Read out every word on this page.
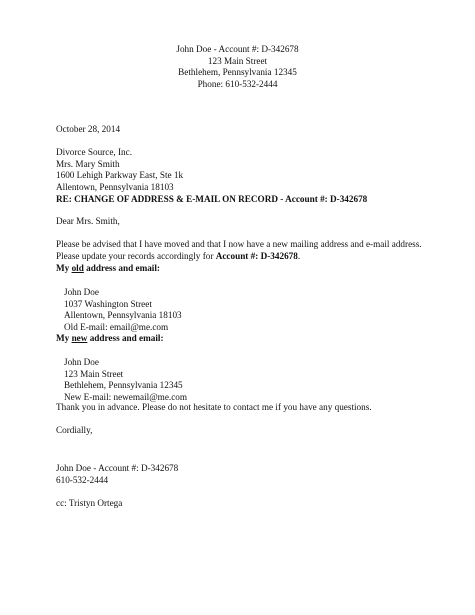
John Doe - Account #: D-342678
123 Main Street
Bethlehem, Pennsylvania 12345
Phone: 610-532-2444
October 28, 2014
Divorce Source, Inc.
Mrs. Mary Smith
1600 Lehigh Parkway East, Ste 1k
Allentown, Pennsylvania 18103
RE: CHANGE OF ADDRESS & E-MAIL ON RECORD - Account #: D-342678
Dear Mrs. Smith,
Please be advised that I have moved and that I now have a new mailing address and e-mail address.
Please update your records accordingly for Account #: D-342678.
My old address and email:
John Doe
1037 Washington Street
Allentown, Pennsylvania 18103
Old E-mail: email@me.com
My new address and email:
John Doe
123 Main Street
Bethlehem, Pennsylvania 12345
New E-mail: newemail@me.com
Thank you in advance. Please do not hesitate to contact me if you have any questions.
Cordially,
John Doe - Account #: D-342678
610-532-2444
cc: Tristyn Ortega
